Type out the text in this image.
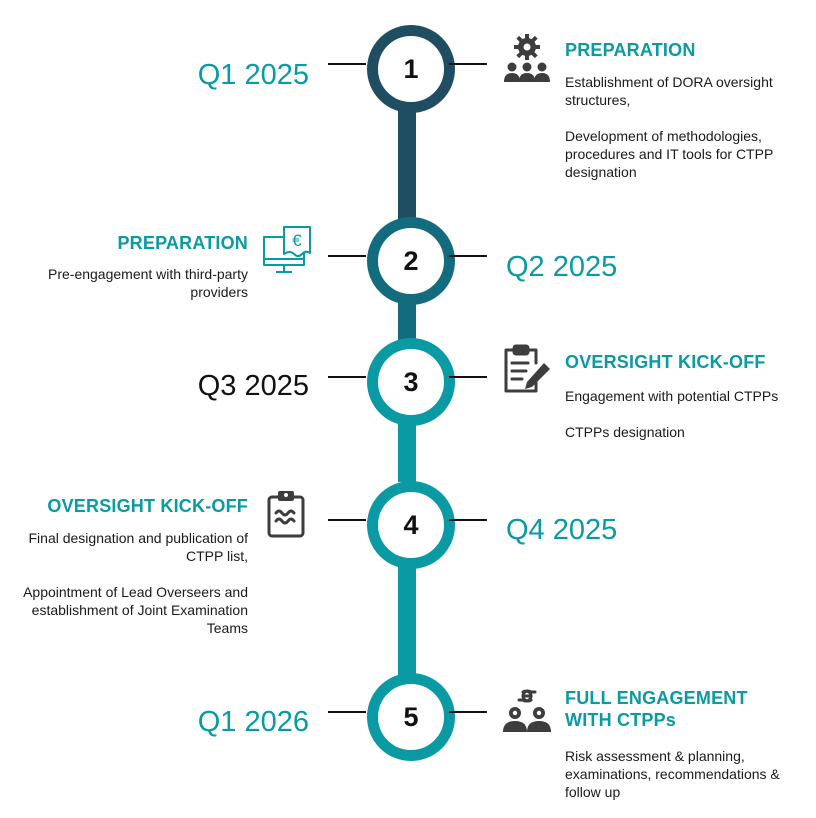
1
Q1 2025
PREPARATION

Establishment of DORA oversight structures,

Development of methodologies, procedures and IT tools for CTPP designation

2	Q2 2025
€
PREPARATION

Pre-engagement with third-party providers

3
Q3 2025
OVERSIGHT KICK-OFF

Engagement with potential CTPPs

CTPPs designation

4	Q4 2025
OVERSIGHT KICK-OFF

Final designation and publication of CTPP list,

Appointment of Lead Overseers and establishment of Joint Examination Teams

5
Q1 2026
FULL ENGAGEMENT
WITH CTPPs

Risk assessment & planning, examinations, recommendations & follow up
